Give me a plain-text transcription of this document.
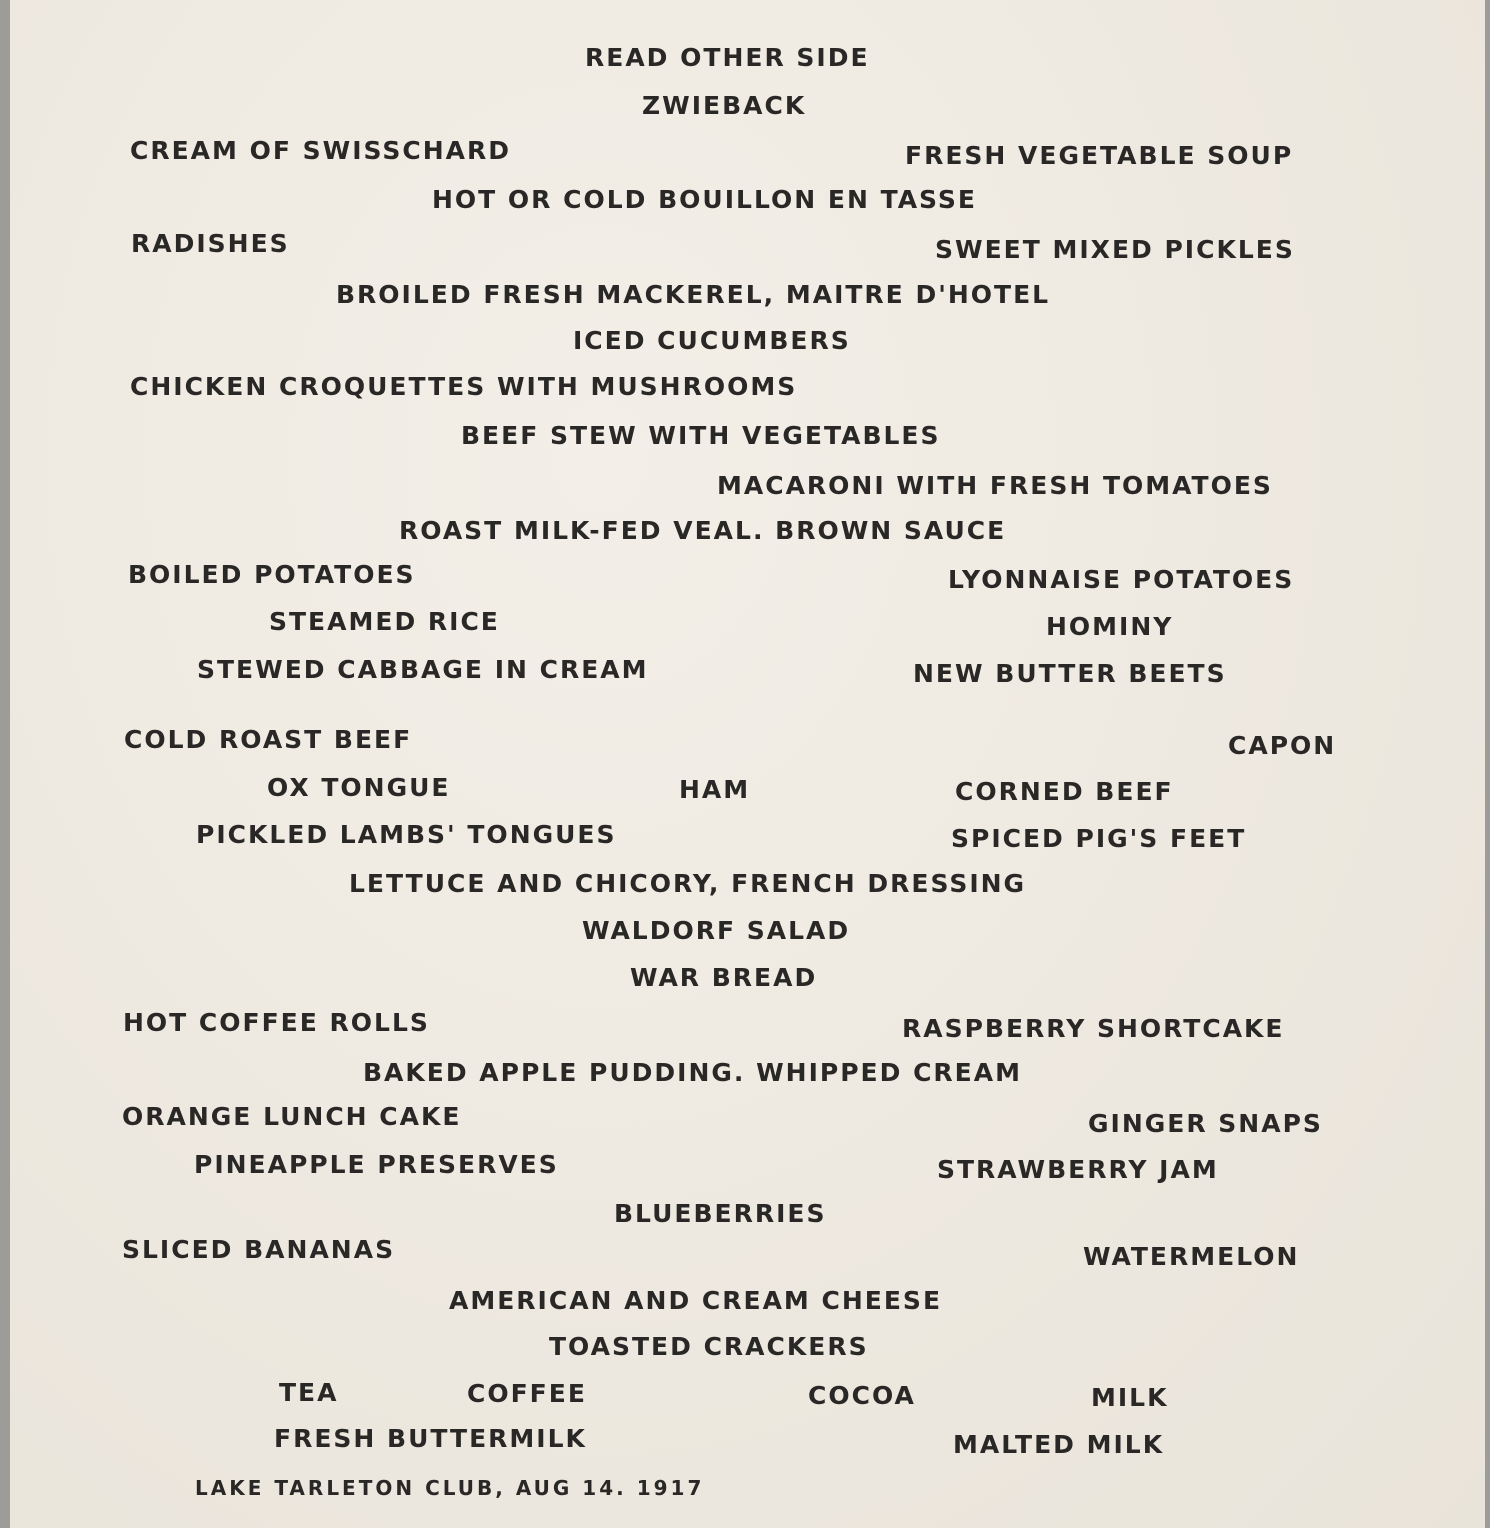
READ OTHER SIDE
ZWIEBACK
CREAM OF SWISSCHARD	FRESH VEGETABLE SOUP
HOT OR COLD BOUILLON EN TASSE
RADISHES	SWEET MIXED PICKLES
BROILED FRESH MACKEREL, MAITRE D'HOTEL
ICED CUCUMBERS
CHICKEN CROQUETTES WITH MUSHROOMS
BEEF STEW WITH VEGETABLES
MACARONI WITH FRESH TOMATOES
ROAST MILK-FED VEAL. BROWN SAUCE
BOILED POTATOES	LYONNAISE POTATOES
STEAMED RICE	HOMINY
STEWED CABBAGE IN CREAM	NEW BUTTER BEETS
COLD ROAST BEEF	CAPON
OX TONGUE	HAM	CORNED BEEF
PICKLED LAMBS' TONGUES	SPICED PIG'S FEET
LETTUCE AND CHICORY, FRENCH DRESSING
WALDORF SALAD
WAR BREAD
HOT COFFEE ROLLS	RASPBERRY SHORTCAKE
BAKED APPLE PUDDING. WHIPPED CREAM
ORANGE LUNCH CAKE	GINGER SNAPS
PINEAPPLE PRESERVES	STRAWBERRY JAM
BLUEBERRIES
SLICED BANANAS	WATERMELON
AMERICAN AND CREAM CHEESE
TOASTED CRACKERS
TEA	COFFEE	COCOA	MILK
FRESH BUTTERMILK	MALTED MILK
LAKE TARLETON CLUB, AUG 14. 1917
